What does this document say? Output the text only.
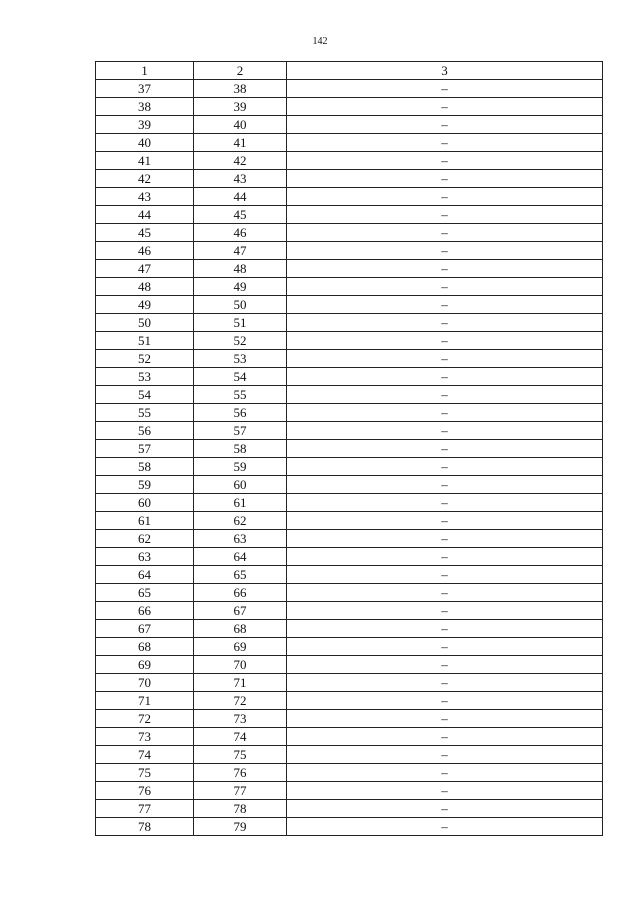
142
1	2	3
37	38	–
38	39	–
39	40	–
40	41	–
41	42	–
42	43	–
43	44	–
44	45	–
45	46	–
46	47	–
47	48	–
48	49	–
49	50	–
50	51	–
51	52	–
52	53	–
53	54	–
54	55	–
55	56	–
56	57	–
57	58	–
58	59	–
59	60	–
60	61	–
61	62	–
62	63	–
63	64	–
64	65	–
65	66	–
66	67	–
67	68	–
68	69	–
69	70	–
70	71	–
71	72	–
72	73	–
73	74	–
74	75	–
75	76	–
76	77	–
77	78	–
78	79	–
